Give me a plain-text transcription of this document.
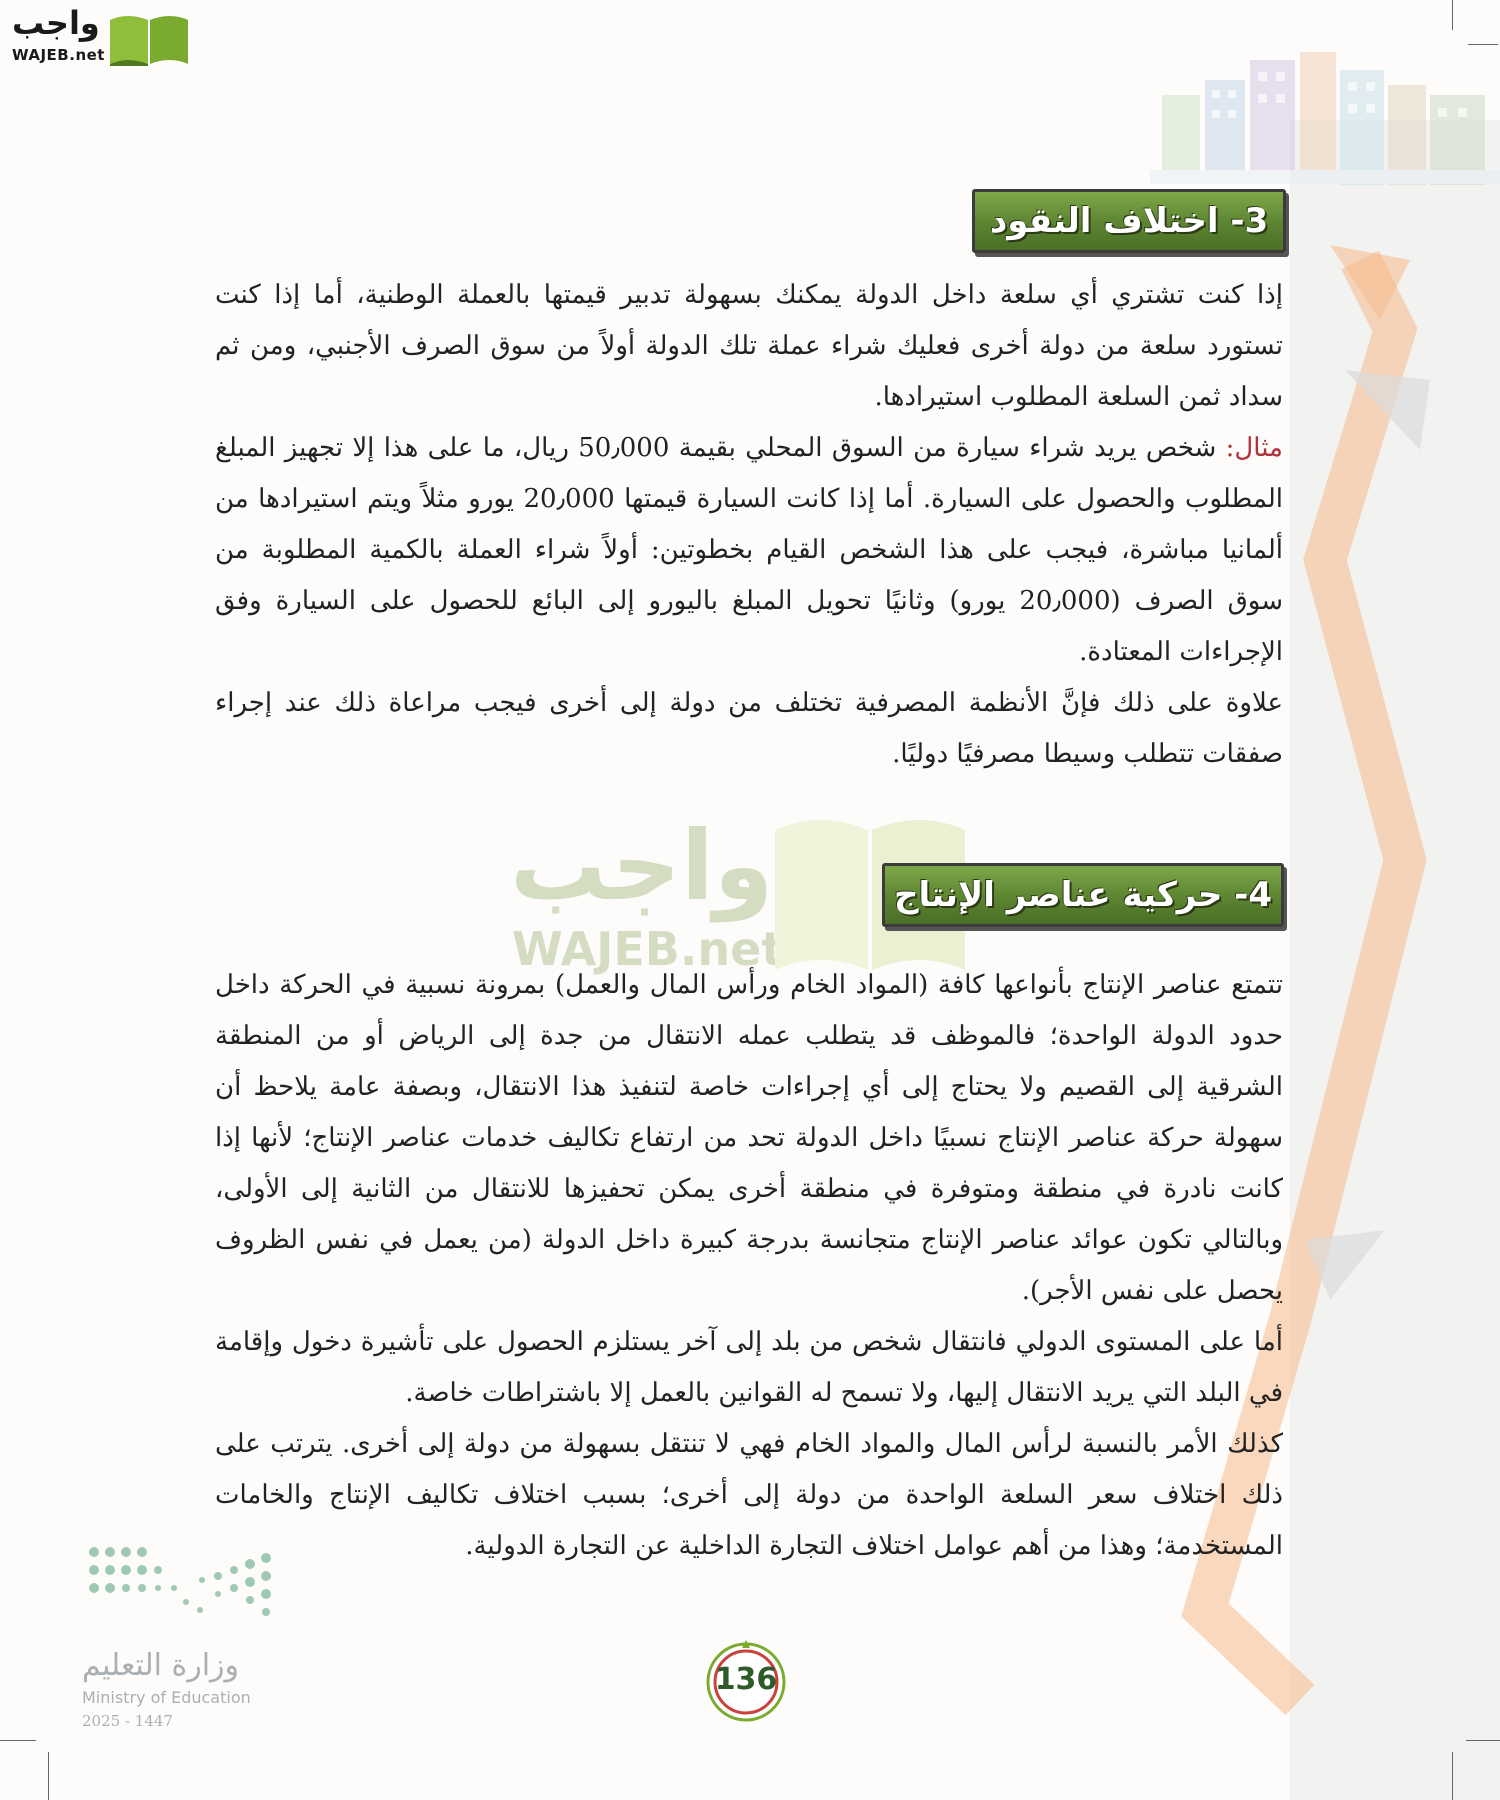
واجب
WAJEB.net
واجب
WAJEB.net
3- اختلاف النقود

إذا كنت تشتري أي سلعة داخل الدولة يمكنك بسهولة تدبير قيمتها بالعملة الوطنية، أما إذا كنت تستورد سلعة من دولة أخرى فعليك شراء عملة تلك الدولة أولاً من سوق الصرف الأجنبي، ومن ثم سداد ثمن السلعة المطلوب استيرادها.

مثال: شخص يريد شراء سيارة من السوق المحلي بقيمة 50٫000 ريال، ما على هذا إلا تجهيز المبلغ المطلوب والحصول على السيارة. أما إذا كانت السيارة قيمتها 20٫000 يورو مثلاً ويتم استيرادها من ألمانيا مباشرة، فيجب على هذا الشخص القيام بخطوتين: أولاً شراء العملة بالكمية المطلوبة من سوق الصرف (20٫000 يورو) وثانيًا تحويل المبلغ باليورو إلى البائع للحصول على السيارة وفق الإجراءات المعتادة.

علاوة على ذلك فإنَّ الأنظمة المصرفية تختلف من دولة إلى أخرى فيجب مراعاة ذلك عند إجراء صفقات تتطلب وسيطا مصرفيًا دوليًا.

4- حركية عناصر الإنتاج

تتمتع عناصر الإنتاج بأنواعها كافة (المواد الخام ورأس المال والعمل) بمرونة نسبية في الحركة داخل حدود الدولة الواحدة؛ فالموظف قد يتطلب عمله الانتقال من جدة إلى الرياض أو من المنطقة الشرقية إلى القصيم ولا يحتاج إلى أي إجراءات خاصة لتنفيذ هذا الانتقال، وبصفة عامة يلاحظ أن سهولة حركة عناصر الإنتاج نسبيًا داخل الدولة تحد من ارتفاع تكاليف خدمات عناصر الإنتاج؛ لأنها إذا كانت نادرة في منطقة ومتوفرة في منطقة أخرى يمكن تحفيزها للانتقال من الثانية إلى الأولى، وبالتالي تكون عوائد عناصر الإنتاج متجانسة بدرجة كبيرة داخل الدولة (من يعمل في نفس الظروف يحصل على نفس الأجر).

أما على المستوى الدولي فانتقال شخص من بلد إلى آخر يستلزم الحصول على تأشيرة دخول وإقامة في البلد التي يريد الانتقال إليها، ولا تسمح له القوانين بالعمل إلا باشتراطات خاصة.

كذلك الأمر بالنسبة لرأس المال والمواد الخام فهي لا تنتقل بسهولة من دولة إلى أخرى. يترتب على ذلك اختلاف سعر السلعة الواحدة من دولة إلى أخرى؛ بسبب اختلاف تكاليف الإنتاج والخامات المستخدمة؛ وهذا من أهم عوامل اختلاف التجارة الداخلية عن التجارة الدولية.

وزارة التعليم
Ministry of Education
2025 - 1447
136
